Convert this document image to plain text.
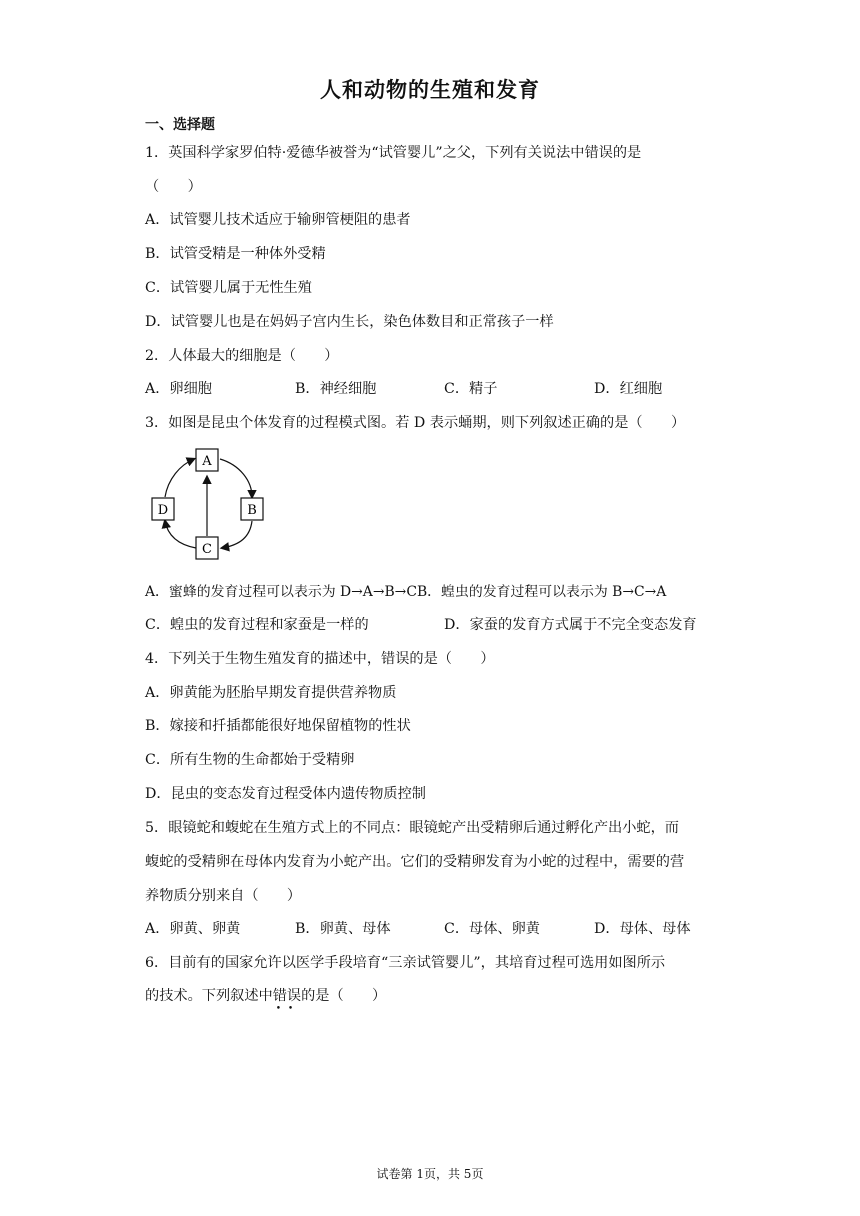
人和动物的生殖和发育
一、选择题
1．英国科学家罗伯特·爱德华被誉为“试管婴儿”之父，下列有关说法中错误的是
（　　）
A．试管婴儿技术适应于输卵管梗阻的患者
B．试管受精是一种体外受精
C．试管婴儿属于无性生殖
D．试管婴儿也是在妈妈子宫内生长，染色体数目和正常孩子一样
2．人体最大的细胞是（　　）
A．卵细胞	B．神经细胞	C．精子	D．红细胞
3．如图是昆虫个体发育的过程模式图。若 D 表示蛹期，则下列叙述正确的是（　　）
A
B
C
D
A．蜜蜂的发育过程可以表示为 D→A→B→CB．蝗虫的发育过程可以表示为 B→C→A
C．蝗虫的发育过程和家蚕是一样的	D．家蚕的发育方式属于不完全变态发育
4．下列关于生物生殖发育的描述中，错误的是（　　）
A．卵黄能为胚胎早期发育提供营养物质
B．嫁接和扦插都能很好地保留植物的性状
C．所有生物的生命都始于受精卵
D．昆虫的变态发育过程受体内遗传物质控制
5．眼镜蛇和蝮蛇在生殖方式上的不同点：眼镜蛇产出受精卵后通过孵化产出小蛇，而
蝮蛇的受精卵在母体内发育为小蛇产出。它们的受精卵发育为小蛇的过程中，需要的营
养物质分别来自（　　）
A．卵黄、卵黄	B．卵黄、母体	C．母体、卵黄	D．母体、母体
6．目前有的国家允许以医学手段培育“三亲试管婴儿”，其培育过程可选用如图所示
的技术。下列叙述中错误 • •的是（　　）
试卷第 1页，共 5页
